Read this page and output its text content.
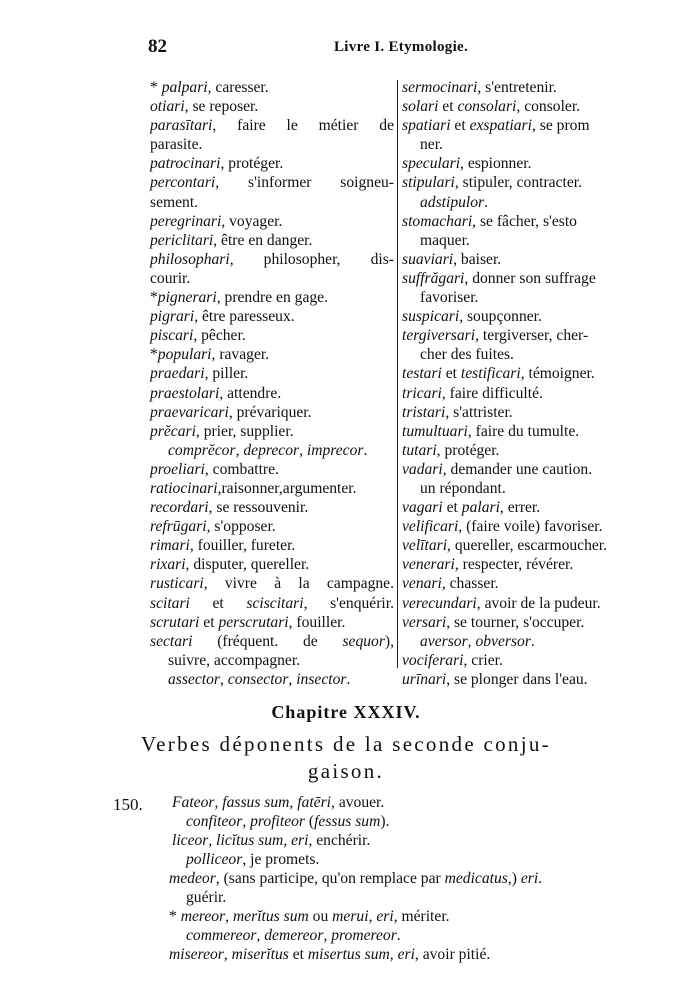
82	Livre I. Etymologie.
* palpari, caresser.
otiari, se reposer.
parasītari, faire le métier de
parasite.
patrocinari, protéger.
percontari, s'informer soigneu-
sement.
peregrinari, voyager.
periclitari, être en danger.
philosophari, philosopher, dis-
courir.
*pignerari, prendre en gage.
pigrari, être paresseux.
piscari, pêcher.
*populari, ravager.
praedari, piller.
praestolari, attendre.
praevaricari, prévariquer.
prĕcari, prier, supplier.
comprĕcor, deprecor, imprecor.
proeliari, combattre.
ratiocinari,raisonner,argumenter.
recordari, se ressouvenir.
refrūgari, s'opposer.
rimari, fouiller, fureter.
rixari, disputer, quereller.
rusticari, vivre à la campagne.
scitari et sciscitari, s'enquérir.
scrutari et perscrutari, fouiller.
sectari (fréquent. de sequor),
suivre, accompagner.
assector, consector, insector.
sermocinari, s'entretenir.
solari et consolari, consoler.
spatiari et exspatiari, se prom
ner.
speculari, espionner.
stipulari, stipuler, contracter.
adstipulor.
stomachari, se fâcher, s'esto
maquer.
suaviari, baiser.
suffrăgari, donner son suffrage
favoriser.
suspicari, soupçonner.
tergiversari, tergiverser, cher-
cher des fuites.
testari et testificari, témoigner.
tricari, faire difficulté.
tristari, s'attrister.
tumultuari, faire du tumulte.
tutari, protéger.
vadari, demander une caution.
un répondant.
vagari et palari, errer.
velificari, (faire voile) favoriser.
velītari, quereller, escarmoucher.
venerari, respecter, révérer.
venari, chasser.
verecundari, avoir de la pudeur.
versari, se tourner, s'occuper.
aversor, obversor.
vociferari, crier.
urīnari, se plonger dans l'eau.
Chapitre XXXIV.
Verbes déponents de la seconde conju-
gaison.
150. Fateor, fassus sum, fatēri, avouer.
confiteor, profiteor (fessus sum).
liceor, licĭtus sum, eri, enchérir.
polliceor, je promets.
medeor, (sans participe, qu'on remplace par medicatus,) eri.
guérir.
* mereor, merĭtus sum ou merui, eri, mériter.
commereor, demereor, promereor.
misereor, miserĭtus et misertus sum, eri, avoir pitié.
